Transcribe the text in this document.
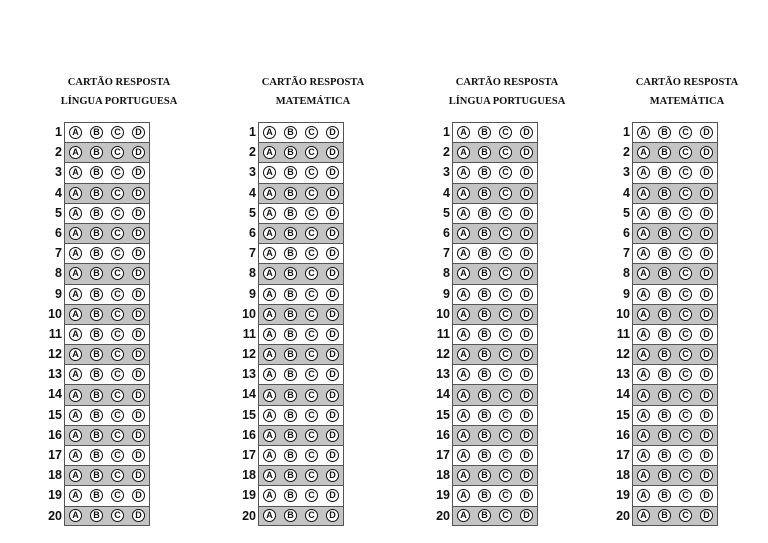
CARTÃO RESPOSTA
LÍNGUA PORTUGUESA
1	A	B	C	D
2	A	B	C	D
3	A	B	C	D
4	A	B	C	D
5	A	B	C	D
6	A	B	C	D
7	A	B	C	D
8	A	B	C	D
9	A	B	C	D
10	A	B	C	D
11	A	B	C	D
12	A	B	C	D
13	A	B	C	D
14	A	B	C	D
15	A	B	C	D
16	A	B	C	D
17	A	B	C	D
18	A	B	C	D
19	A	B	C	D
20	A	B	C	D
CARTÃO RESPOSTA
MATEMÁTICA
1	A	B	C	D
2	A	B	C	D
3	A	B	C	D
4	A	B	C	D
5	A	B	C	D
6	A	B	C	D
7	A	B	C	D
8	A	B	C	D
9	A	B	C	D
10	A	B	C	D
11	A	B	C	D
12	A	B	C	D
13	A	B	C	D
14	A	B	C	D
15	A	B	C	D
16	A	B	C	D
17	A	B	C	D
18	A	B	C	D
19	A	B	C	D
20	A	B	C	D
CARTÃO RESPOSTA
LÍNGUA PORTUGUESA
1	A	B	C	D
2	A	B	C	D
3	A	B	C	D
4	A	B	C	D
5	A	B	C	D
6	A	B	C	D
7	A	B	C	D
8	A	B	C	D
9	A	B	C	D
10	A	B	C	D
11	A	B	C	D
12	A	B	C	D
13	A	B	C	D
14	A	B	C	D
15	A	B	C	D
16	A	B	C	D
17	A	B	C	D
18	A	B	C	D
19	A	B	C	D
20	A	B	C	D
CARTÃO RESPOSTA
MATEMÁTICA
1	A	B	C	D
2	A	B	C	D
3	A	B	C	D
4	A	B	C	D
5	A	B	C	D
6	A	B	C	D
7	A	B	C	D
8	A	B	C	D
9	A	B	C	D
10	A	B	C	D
11	A	B	C	D
12	A	B	C	D
13	A	B	C	D
14	A	B	C	D
15	A	B	C	D
16	A	B	C	D
17	A	B	C	D
18	A	B	C	D
19	A	B	C	D
20	A	B	C	D
